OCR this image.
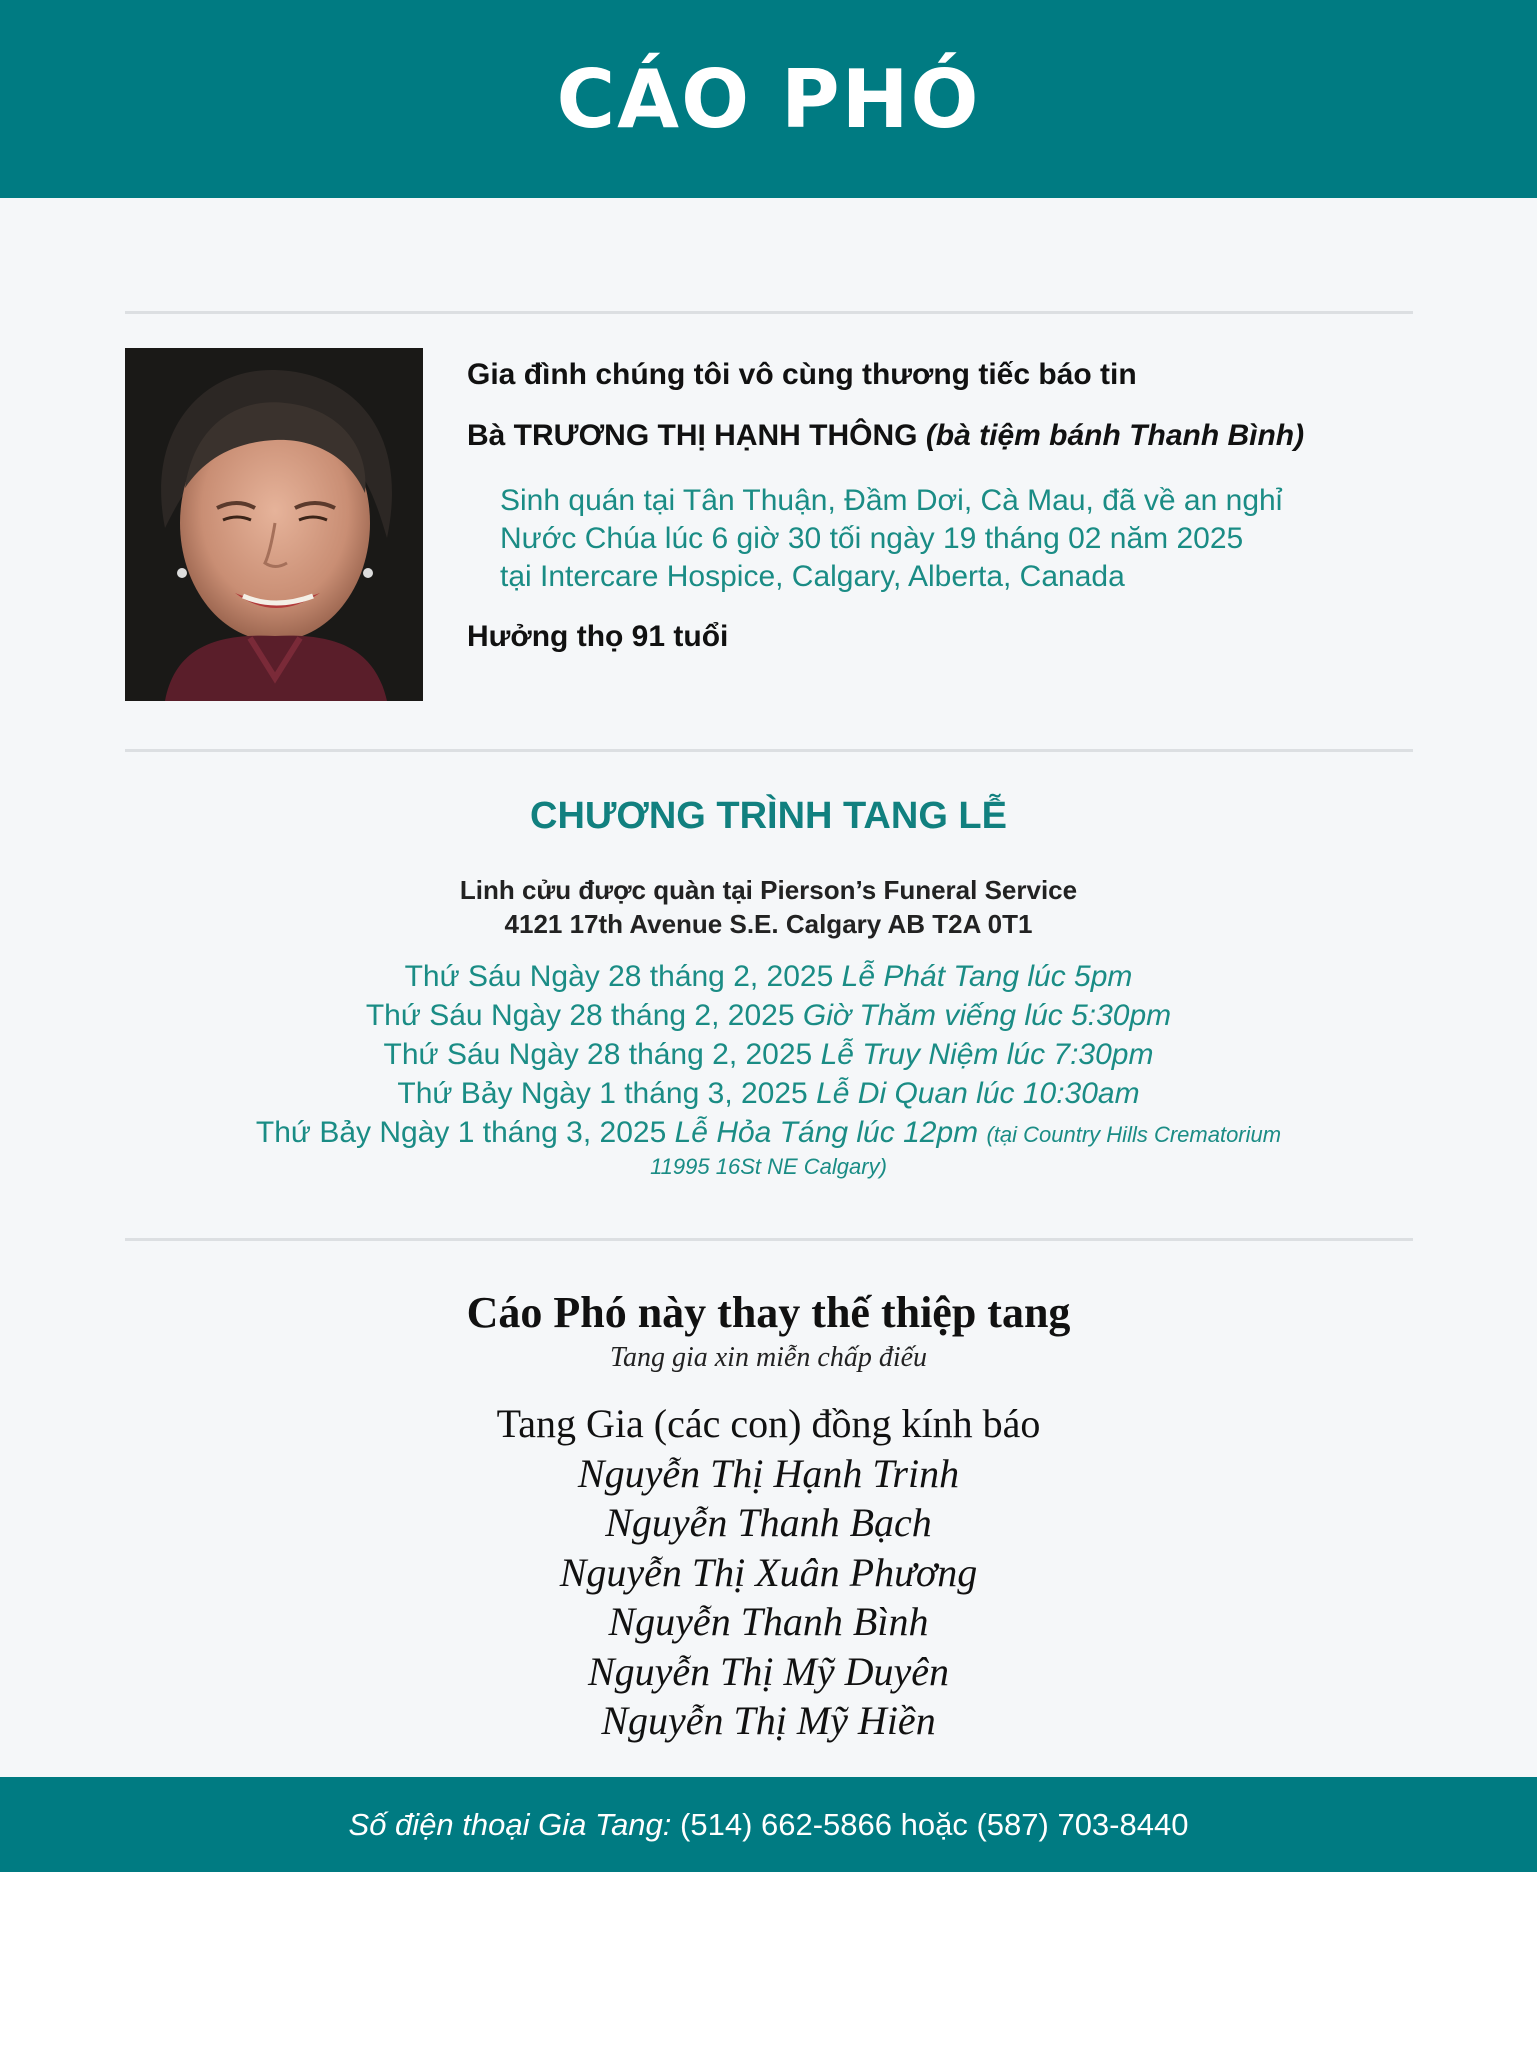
CÁO PHÓ
Gia đình chúng tôi vô cùng thương tiếc báo tin
Bà TRƯƠNG THỊ HẠNH THÔNG (bà tiệm bánh Thanh Bình)
Sinh quán tại Tân Thuận, Đầm Dơi, Cà Mau, đã về an nghỉ
Nước Chúa lúc 6 giờ 30 tối ngày 19 tháng 02 năm 2025
tại Intercare Hospice, Calgary, Alberta, Canada
Hưởng thọ 91 tuổi
CHƯƠNG TRÌNH TANG LỄ
Linh cửu được quàn tại Pierson’s Funeral Service
4121 17th Avenue S.E. Calgary AB T2A 0T1
Thứ Sáu Ngày 28 tháng 2, 2025 Lễ Phát Tang lúc 5pm
Thứ Sáu Ngày 28 tháng 2, 2025 Giờ Thăm viếng lúc 5:30pm
Thứ Sáu Ngày 28 tháng 2, 2025 Lễ Truy Niệm lúc 7:30pm
Thứ Bảy Ngày 1 tháng 3, 2025 Lễ Di Quan lúc 10:30am
Thứ Bảy Ngày 1 tháng 3, 2025 Lễ Hỏa Táng lúc 12pm (tại Country Hills Crematorium
11995 16St NE Calgary)
Cáo Phó này thay thế thiệp tang
Tang gia xin miễn chấp điếu
Tang Gia (các con) đồng kính báo
Nguyễn Thị Hạnh Trinh
Nguyễn Thanh Bạch
Nguyễn Thị Xuân Phương
Nguyễn Thanh Bình
Nguyễn Thị Mỹ Duyên
Nguyễn Thị Mỹ Hiền
Số điện thoại Gia Tang: (514) 662-5866 hoặc (587) 703-8440
